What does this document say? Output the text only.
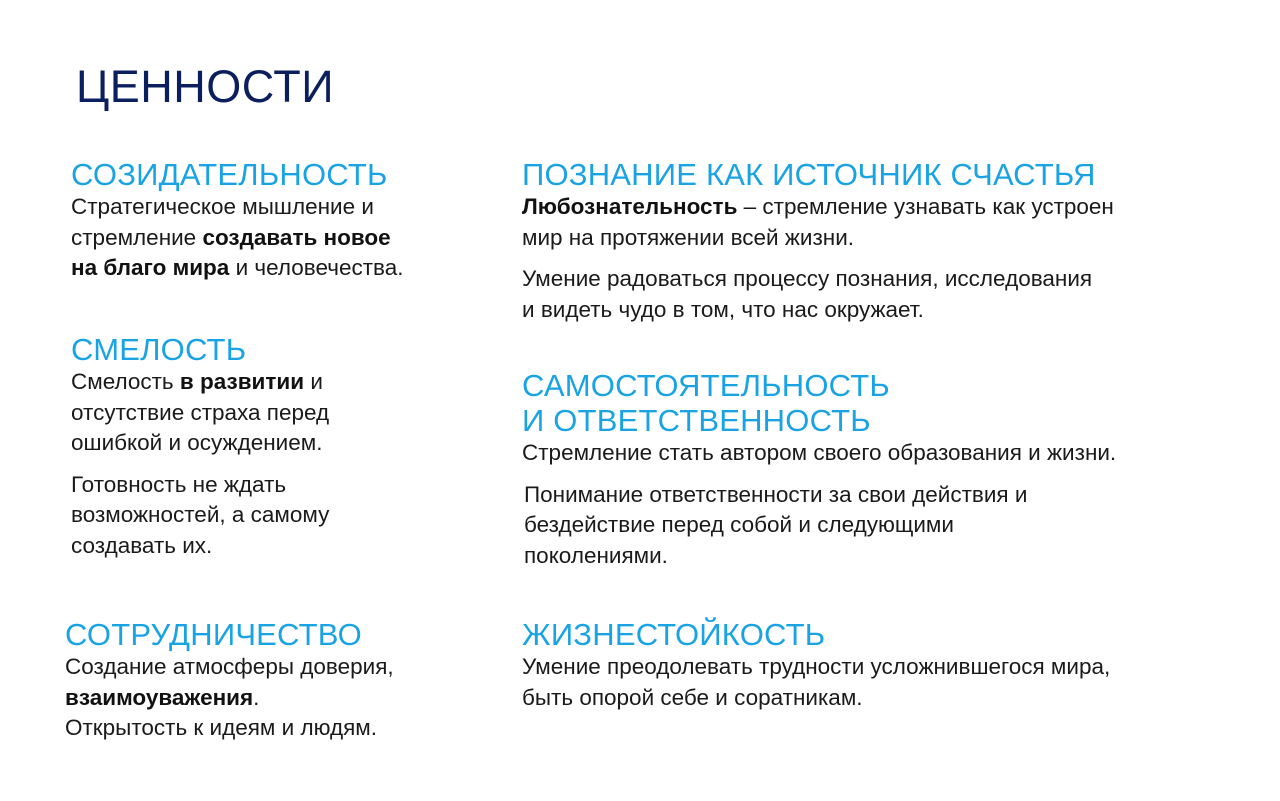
ЦЕННОСТИ
СОЗИДАТЕЛЬНОСТЬ

Стратегическое мышление и
стремление создавать новое
на благо мира и человечества.

СМЕЛОСТЬ

Смелость в развитии и
отсутствие страха перед
ошибкой и осуждением.

Готовность не ждать
возможностей, а самому
создавать их.

СОТРУДНИЧЕСТВО

Создание атмосферы доверия,
взаимоуважения.
Открытость к идеям и людям.

ПОЗНАНИЕ КАК ИСТОЧНИК СЧАСТЬЯ

Любознательность – стремление узнавать как устроен
мир на протяжении всей жизни.

Умение радоваться процессу познания, исследования
и видеть чудо в том, что нас окружает.

САМОСТОЯТЕЛЬНОСТЬ
И ОТВЕТСТВЕННОСТЬ

Стремление стать автором своего образования и жизни.

Понимание ответственности за свои действия и
бездействие перед собой и следующими
поколениями.

ЖИЗНЕСТОЙКОСТЬ

Умение преодолевать трудности усложнившегося мира,
быть опорой себе и соратникам.
